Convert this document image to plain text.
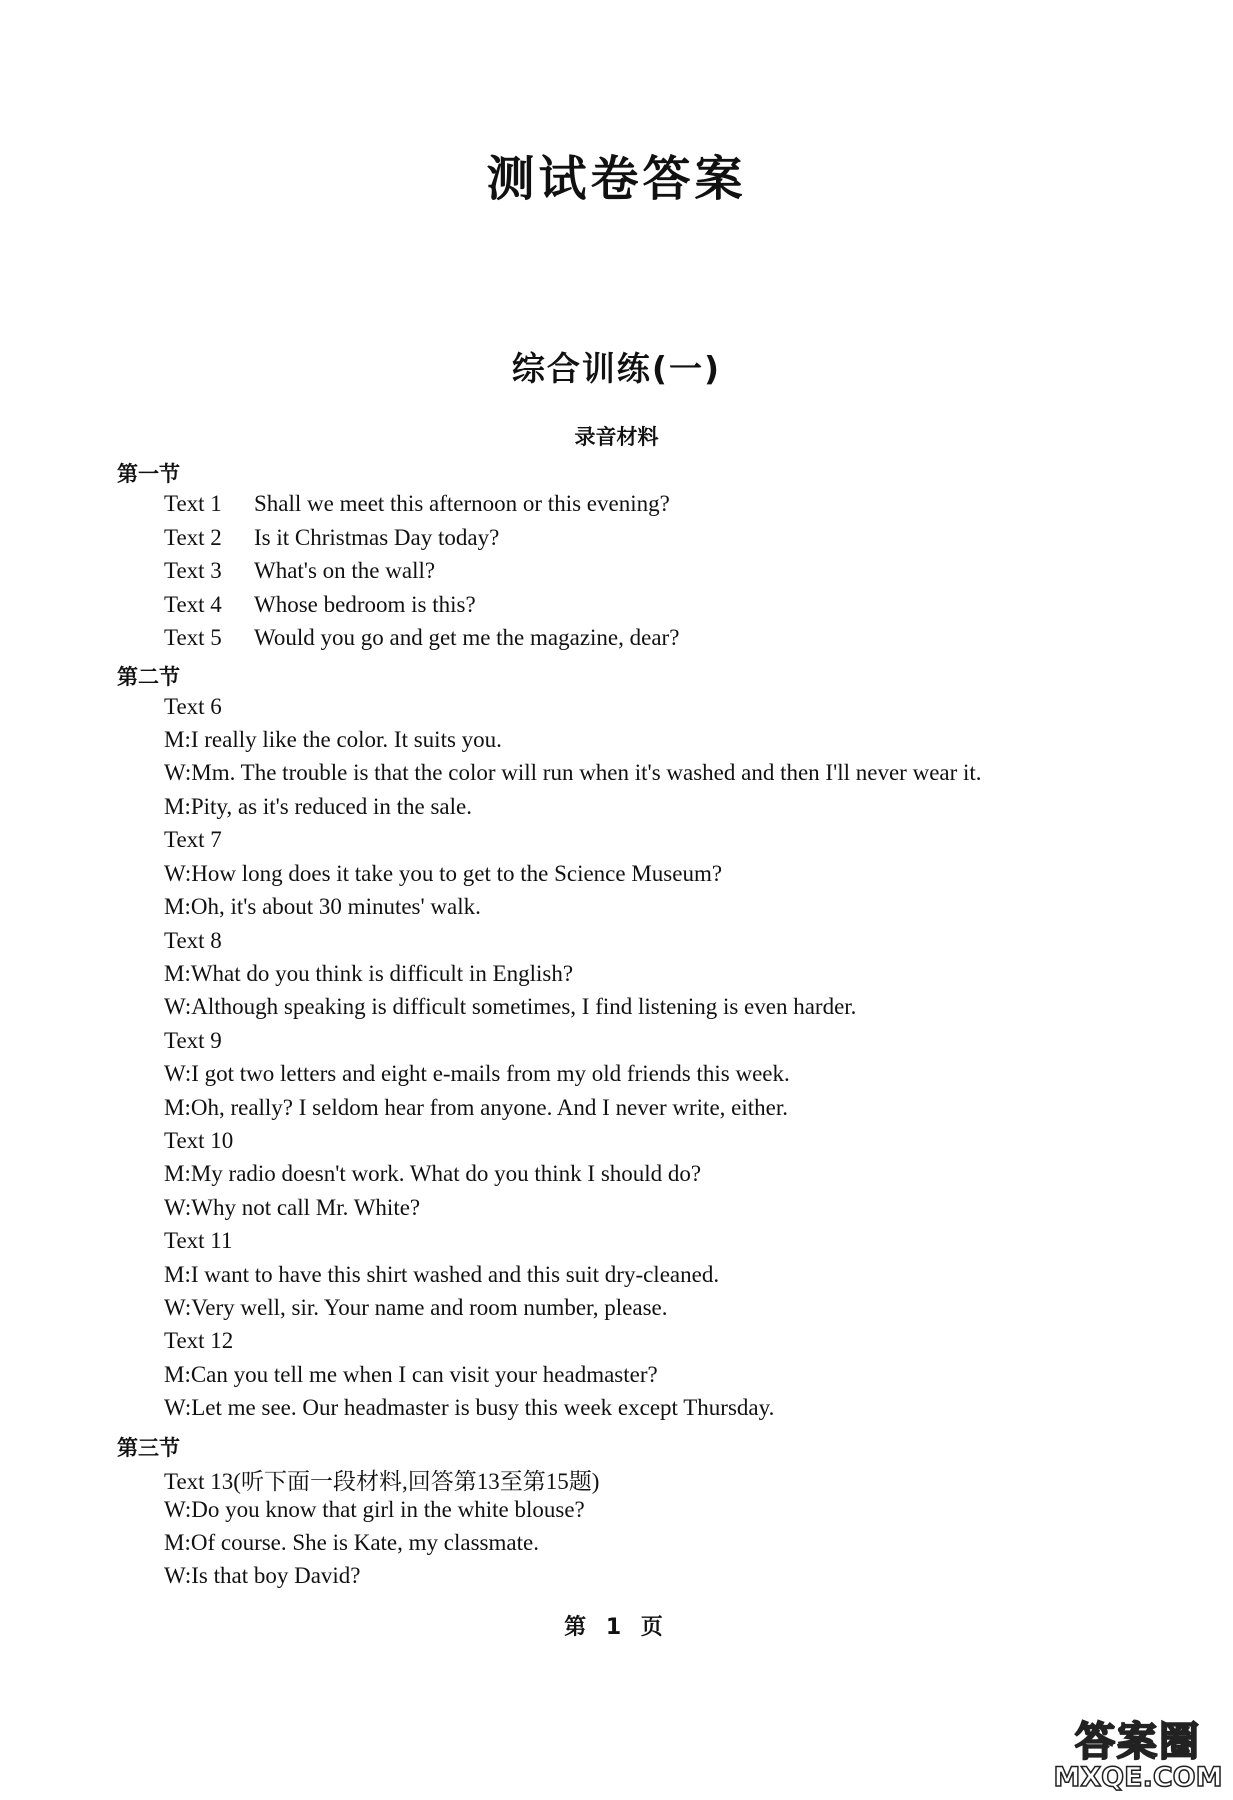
测试卷答案
综合训练(一)
录音材料
第一节
Text 1 Shall we meet this afternoon or this evening?
Text 2 Is it Christmas Day today?
Text 3 What's on the wall?
Text 4 Whose bedroom is this?
Text 5 Would you go and get me the magazine, dear?
第二节
Text 6
M:I really like the color. It suits you.
W:Mm. The trouble is that the color will run when it's washed and then I'll never wear it.
M:Pity, as it's reduced in the sale.
Text 7
W:How long does it take you to get to the Science Museum?
M:Oh, it's about 30 minutes' walk.
Text 8
M:What do you think is difficult in English?
W:Although speaking is difficult sometimes, I find listening is even harder.
Text 9
W:I got two letters and eight e-mails from my old friends this week.
M:Oh, really? I seldom hear from anyone. And I never write, either.
Text 10
M:My radio doesn't work. What do you think I should do?
W:Why not call Mr. White?
Text 11
M:I want to have this shirt washed and this suit dry-cleaned.
W:Very well, sir. Your name and room number, please.
Text 12
M:Can you tell me when I can visit your headmaster?
W:Let me see. Our headmaster is busy this week except Thursday.
第三节
Text 13(听下面一段材料,回答第13至第15题)
W:Do you know that girl in the white blouse?
M:Of course. She is Kate, my classmate.
W:Is that boy David?
第 1 页
答案圈
MXQE.COM
